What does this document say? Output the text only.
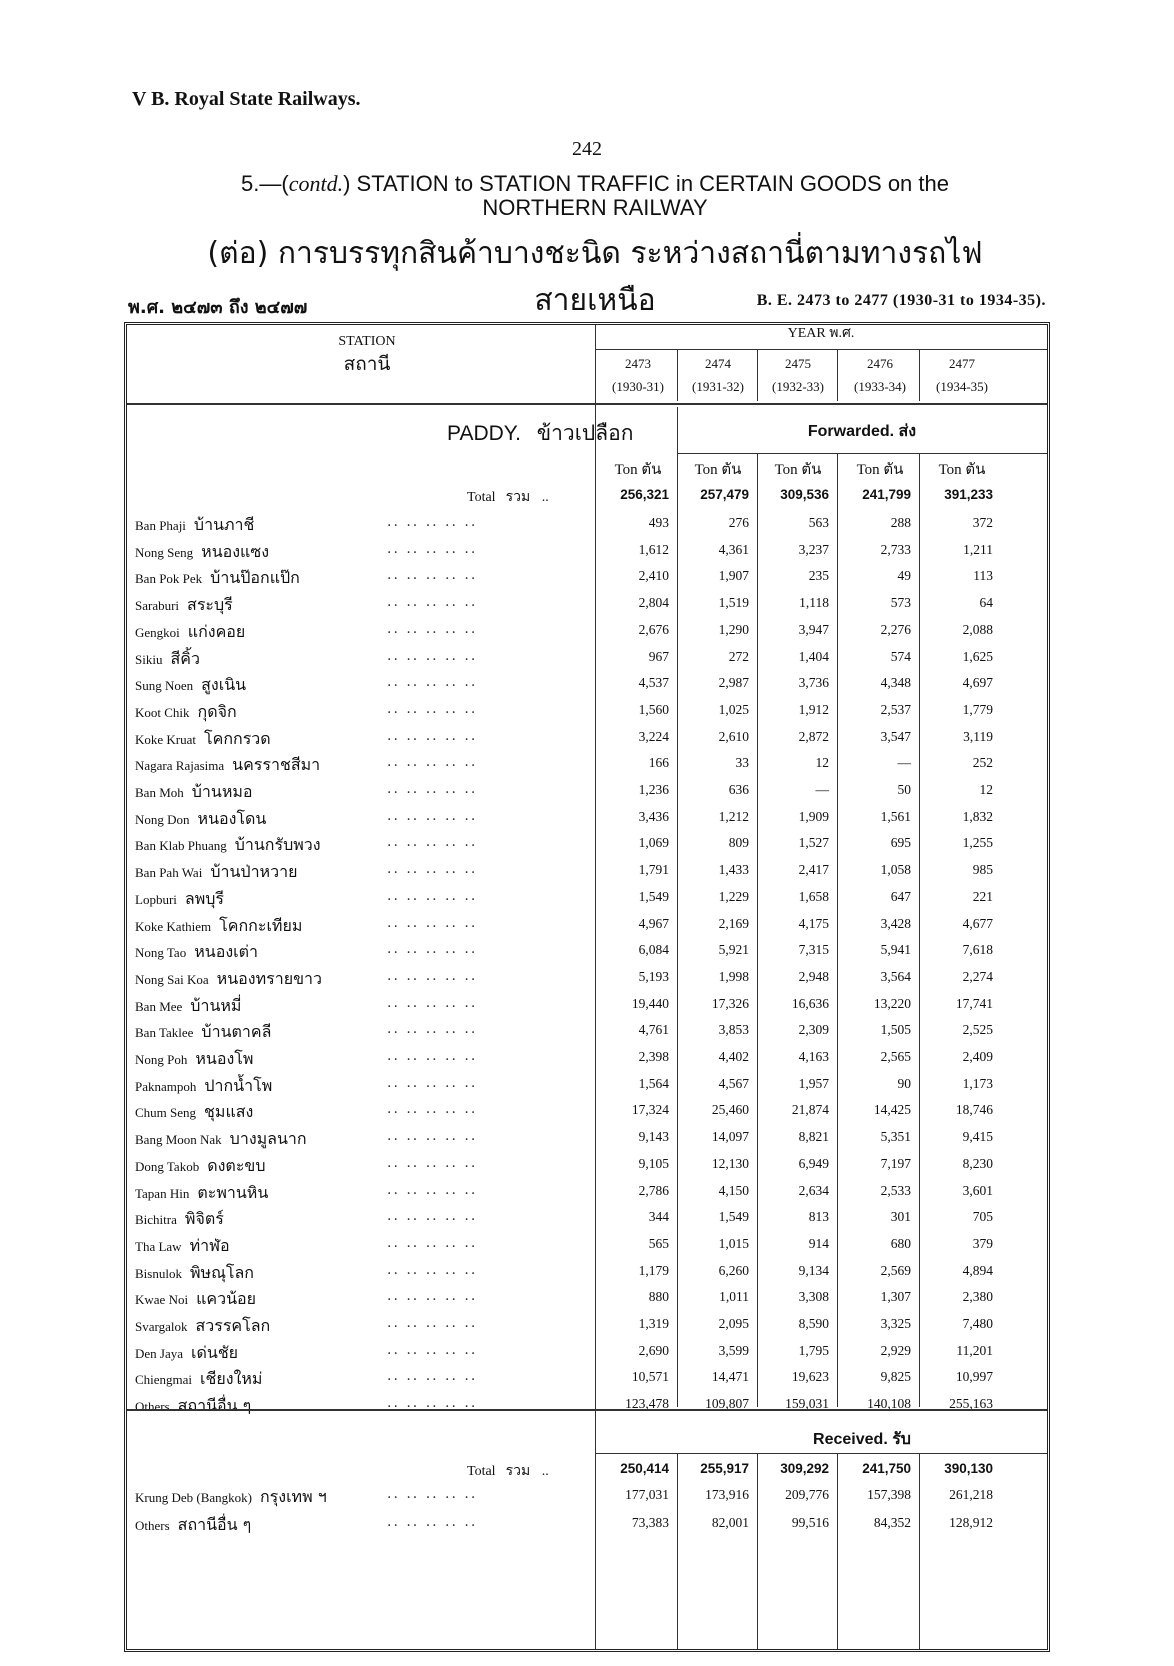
V B. Royal State Railways.
242
5.—(contd.) STATION to STATION TRAFFIC in CERTAIN GOODS on the NORTHERN RAILWAY
(ต่อ) การบรรทุกสินค้าบางชะนิด ระหว่างสถานี่ตามทางรถไฟสายเหนือ
พ.ศ. ๒๔๗๓ ถึง ๒๔๗๗	B. E. 2473 to 2477 (1930-31 to 1934-35).
STATION
สถานี
YEAR พ.ศ.
2473
(1930-31)
2474
(1931-32)
2475
(1932-33)
2476
(1933-34)
2477
(1934-35)
PADDY. ข้าวเปลือก	Forwarded. ส่ง
Ton ตัน	Ton ตัน	Ton ตัน	Ton ตัน	Ton ตัน
Total รวม ..	256,321	257,479	309,536	241,799	391,233
Ban Phaji บ้านภาชี	.. .. .. .. ..	493	276	563	288	372
Nong Seng หนองแซง	.. .. .. .. ..	1,612	4,361	3,237	2,733	1,211
Ban Pok Pek บ้านป๊อกแป๊ก	.. .. .. .. ..	2,410	1,907	235	49	113
Saraburi สระบุรี	.. .. .. .. ..	2,804	1,519	1,118	573	64
Gengkoi แก่งคอย	.. .. .. .. ..	2,676	1,290	3,947	2,276	2,088
Sikiu สีคิ้ว	.. .. .. .. ..	967	272	1,404	574	1,625
Sung Noen สูงเนิน	.. .. .. .. ..	4,537	2,987	3,736	4,348	4,697
Koot Chik กุดจิก	.. .. .. .. ..	1,560	1,025	1,912	2,537	1,779
Koke Kruat โคกกรวด	.. .. .. .. ..	3,224	2,610	2,872	3,547	3,119
Nagara Rajasima นครราชสีมา	.. .. .. .. ..	166	33	12	—	252
Ban Moh บ้านหมอ	.. .. .. .. ..	1,236	636	—	50	12
Nong Don หนองโดน	.. .. .. .. ..	3,436	1,212	1,909	1,561	1,832
Ban Klab Phuang บ้านกรับพวง	.. .. .. .. ..	1,069	809	1,527	695	1,255
Ban Pah Wai บ้านป่าหวาย	.. .. .. .. ..	1,791	1,433	2,417	1,058	985
Lopburi ลพบุรี	.. .. .. .. ..	1,549	1,229	1,658	647	221
Koke Kathiem โคกกะเทียม	.. .. .. .. ..	4,967	2,169	4,175	3,428	4,677
Nong Tao หนองเต่า	.. .. .. .. ..	6,084	5,921	7,315	5,941	7,618
Nong Sai Koa หนองทรายขาว	.. .. .. .. ..	5,193	1,998	2,948	3,564	2,274
Ban Mee บ้านหมี่	.. .. .. .. ..	19,440	17,326	16,636	13,220	17,741
Ban Taklee บ้านตาคลี	.. .. .. .. ..	4,761	3,853	2,309	1,505	2,525
Nong Poh หนองโพ	.. .. .. .. ..	2,398	4,402	4,163	2,565	2,409
Paknampoh ปากน้ำโพ	.. .. .. .. ..	1,564	4,567	1,957	90	1,173
Chum Seng ชุมแสง	.. .. .. .. ..	17,324	25,460	21,874	14,425	18,746
Bang Moon Nak บางมูลนาก	.. .. .. .. ..	9,143	14,097	8,821	5,351	9,415
Dong Takob ดงตะขบ	.. .. .. .. ..	9,105	12,130	6,949	7,197	8,230
Tapan Hin ตะพานหิน	.. .. .. .. ..	2,786	4,150	2,634	2,533	3,601
Bichitra พิจิตร์	.. .. .. .. ..	344	1,549	813	301	705
Tha Law ท่าฬ่อ	.. .. .. .. ..	565	1,015	914	680	379
Bisnulok พิษณุโลก	.. .. .. .. ..	1,179	6,260	9,134	2,569	4,894
Kwae Noi แควน้อย	.. .. .. .. ..	880	1,011	3,308	1,307	2,380
Svargalok สวรรคโลก	.. .. .. .. ..	1,319	2,095	8,590	3,325	7,480
Den Jaya เด่นชัย	.. .. .. .. ..	2,690	3,599	1,795	2,929	11,201
Chiengmai เชียงใหม่	.. .. .. .. ..	10,571	14,471	19,623	9,825	10,997
Others สถานีอื่น ๆ	.. .. .. .. ..	123,478	109,807	159,031	140,108	255,163
Received. รับ
Total รวม ..	250,414	255,917	309,292	241,750	390,130
Krung Deb (Bangkok) กรุงเทพ ฯ	.. .. .. .. ..	177,031	173,916	209,776	157,398	261,218
Others สถานีอื่น ๆ	.. .. .. .. ..	73,383	82,001	99,516	84,352	128,912
